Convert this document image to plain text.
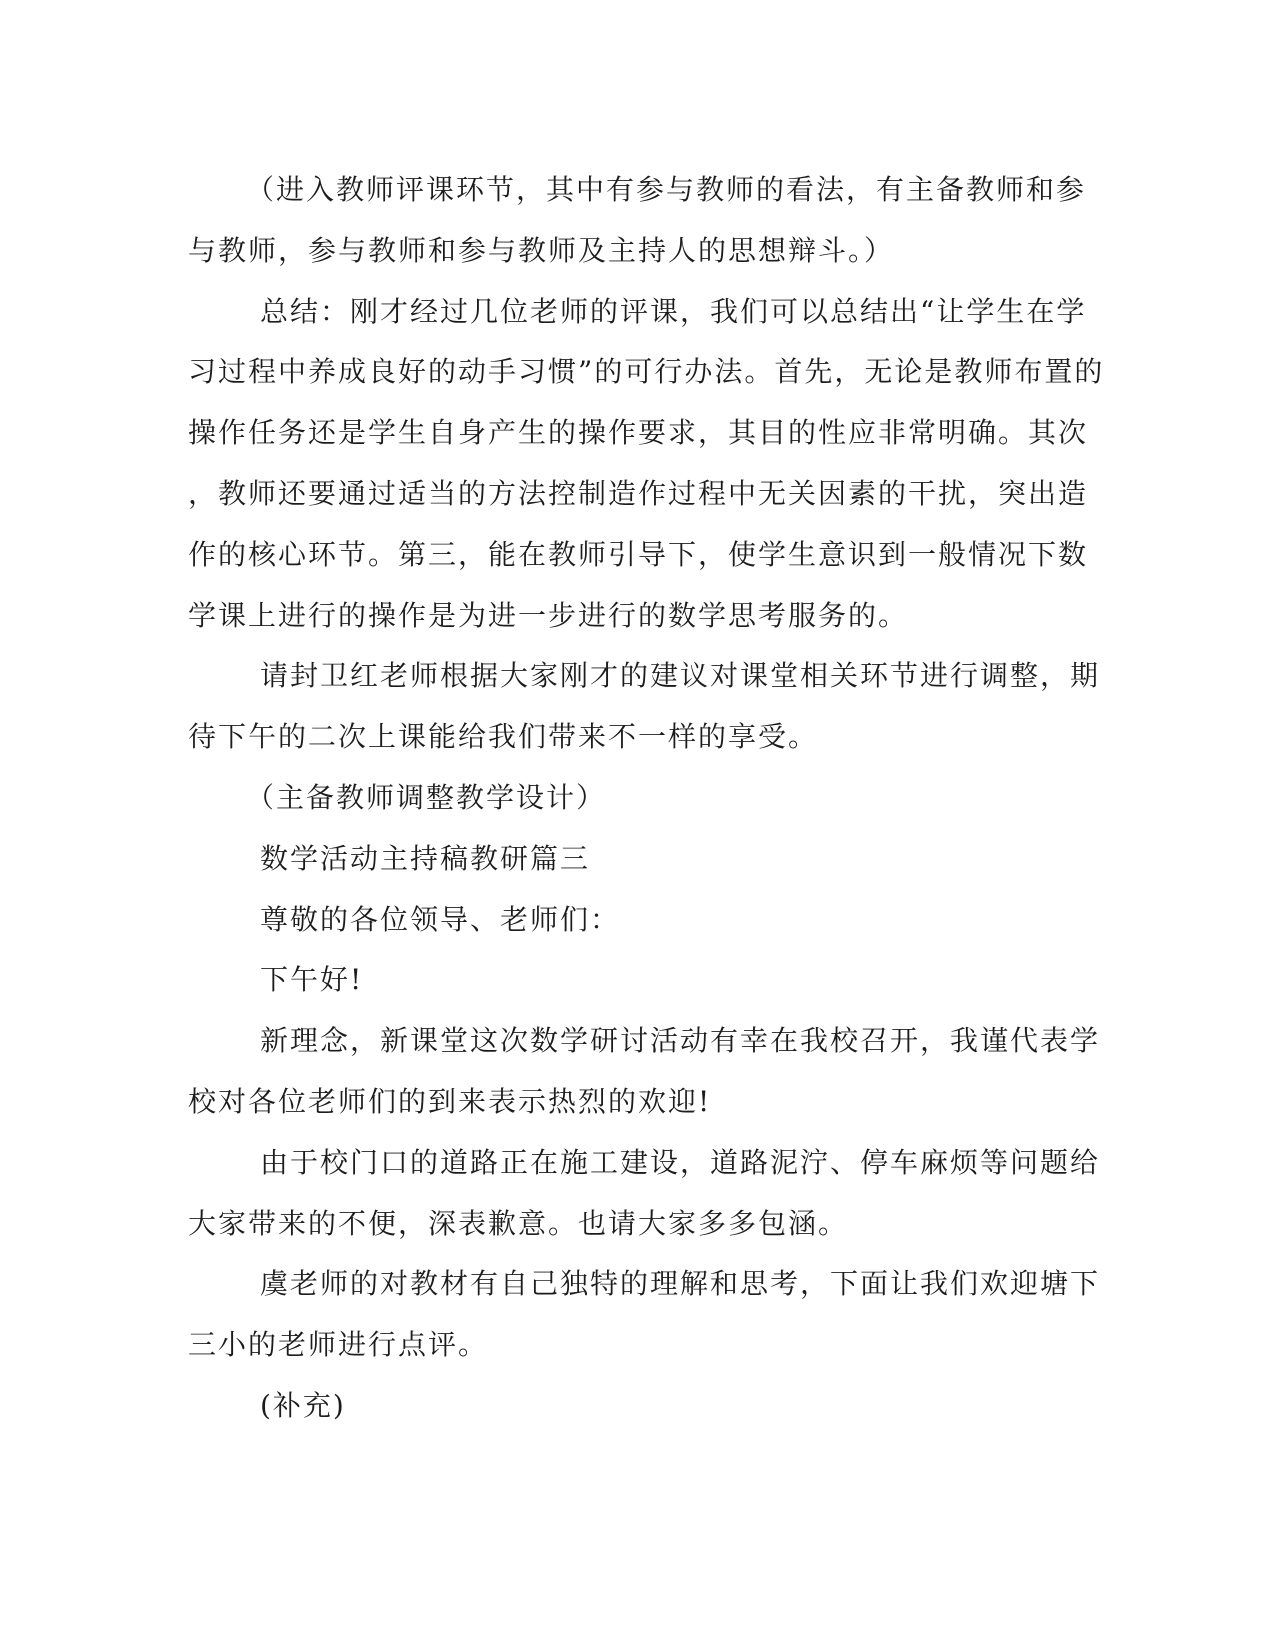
（进入教师评课环节，其中有参与教师的看法，有主备教师和参
与教师，参与教师和参与教师及主持人的思想辩斗。）
总结：刚才经过几位老师的评课，我们可以总结出“让学生在学
习过程中养成良好的动手习惯”的可行办法。首先，无论是教师布置的
操作任务还是学生自身产生的操作要求，其目的性应非常明确。其次
，教师还要通过适当的方法控制造作过程中无关因素的干扰，突出造
作的核心环节。第三，能在教师引导下，使学生意识到一般情况下数
学课上进行的操作是为进一步进行的数学思考服务的。
请封卫红老师根据大家刚才的建议对课堂相关环节进行调整，期
待下午的二次上课能给我们带来不一样的享受。
（主备教师调整教学设计）
数学活动主持稿教研篇三
尊敬的各位领导、老师们：
下午好!
新理念，新课堂这次数学研讨活动有幸在我校召开，我谨代表学
校对各位老师们的到来表示热烈的欢迎!
由于校门口的道路正在施工建设，道路泥泞、停车麻烦等问题给
大家带来的不便，深表歉意。也请大家多多包涵。
虞老师的对教材有自己独特的理解和思考，下面让我们欢迎塘下
三小的老师进行点评。
(补充)
